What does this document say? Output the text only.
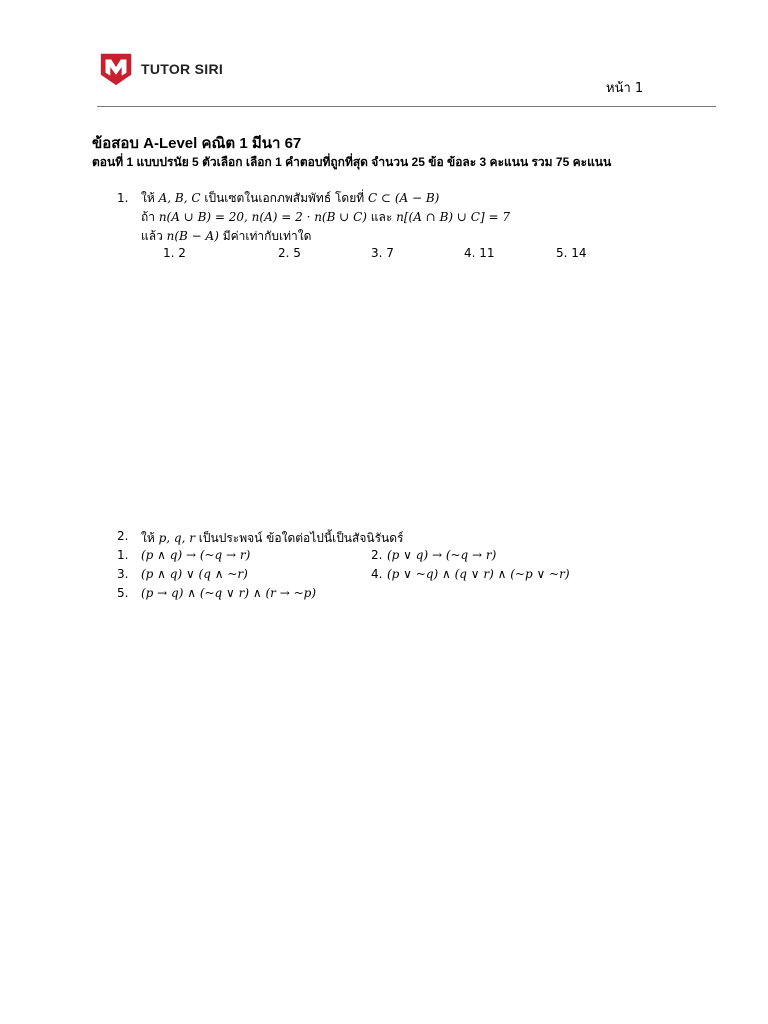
TUTOR SIRI
หน้า 1
ข้อสอบ A-Level คณิต 1 มีนา 67
ตอนที่ 1 แบบปรนัย 5 ตัวเลือก เลือก 1 คำตอบที่ถูกที่สุด จำนวน 25 ข้อ ข้อละ 3 คะแนน รวม 75 คะแนน
1. ให้ A, B, C เป็นเซตในเอกภพสัมพัทธ์ โดยที่ C ⊂ (A − B)
ถ้า n(A ∪ B) = 20, n(A) = 2 · n(B ∪ C) และ n[(A ∩ B) ∪ C] = 7
แล้ว n(B − A) มีค่าเท่ากับเท่าใด
1. 2	2. 5	3. 7	4. 11	5. 14
2. ให้ p, q, r เป็นประพจน์ ข้อใดต่อไปนี้เป็นสัจนิรันดร์
1. (p ∧ q) → (~q → r)	2. (p ∨ q) → (~q → r)
3. (p ∧ q) ∨ (q ∧ ~r)	4. (p ∨ ~q) ∧ (q ∨ r) ∧ (~p ∨ ~r)
5. (p → q) ∧ (~q ∨ r) ∧ (r → ~p)
